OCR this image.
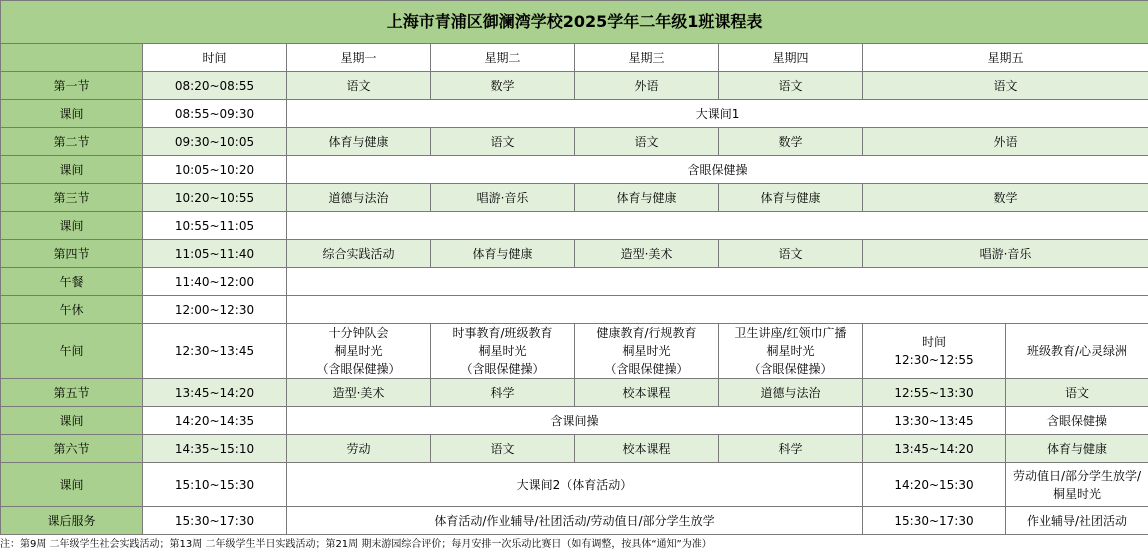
上海市青浦区御澜湾学校2025学年二年级1班课程表							
	时间	星期一	星期二	星期三	星期四	星期五	
第一节	08:20~08:55	语文	数学	外语	语文	语文	
课间	08:55~09:30	大课间1					
第二节	09:30~10:05	体育与健康	语文	语文	数学	外语	
课间	10:05~10:20	含眼保健操					
第三节	10:20~10:55	道德与法治	唱游·音乐	体育与健康	体育与健康	数学	
课间	10:55~11:05						
第四节	11:05~11:40	综合实践活动	体育与健康	造型·美术	语文	唱游·音乐	
午餐	11:40~12:00						
午休	12:00~12:30						
午间	12:30~13:45	十分钟队会
桐星时光
（含眼保健操）	时事教育/班级教育
桐星时光
（含眼保健操）	健康教育/行规教育
桐星时光
（含眼保健操）	卫生讲座/红领巾广播
桐星时光
（含眼保健操）	时间
12:30~12:55	班级教育/心灵绿洲
第五节	13:45~14:20	造型·美术	科学	校本课程	道德与法治	12:55~13:30	语文
课间	14:20~14:35	含课间操				13:30~13:45	含眼保健操
第六节	14:35~15:10	劳动	语文	校本课程	科学	13:45~14:20	体育与健康
课间	15:10~15:30	大课间2（体育活动）				14:20~15:30	劳动值日/部分学生放学/
桐星时光

课后服务	15:30~17:30	体育活动/作业辅导/社团活动/劳动值日/部分学生放学				15:30~17:30	作业辅导/社团活动
注：第9周 二年级学生社会实践活动；第13周 二年级学生半日实践活动；第21周 期末游园综合评价；每月安排一次乐动比赛日（如有调整，按具体“通知”为准）
